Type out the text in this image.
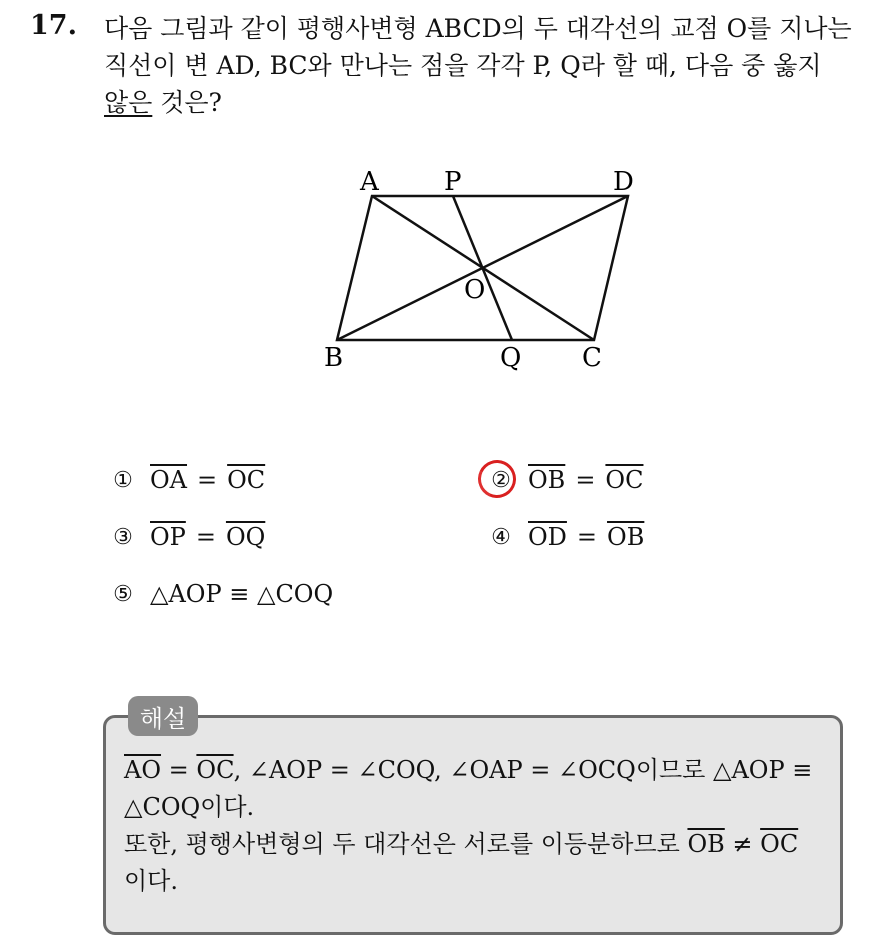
17. 다음 그림과 같이 평행사변형 ABCD의 두 대각선의 교점 O를 지나는
직선이 변 AD, BC와 만나는 점을 각각 P, Q라 할 때, 다음 중 옳지
않은 것은?
A	P	D
O
B	Q C
① $\overline{OA} = \overline{OC}$	② $\overline{OB} = \overline{OC}$
③ $\overline{OP} = \overline{OQ}$	④ $\overline{OD} = \overline{OB}$
⑤ △AOP ≡ △COQ
해설
$\overline{AO} = \overline{OC}$, ∠AOP = ∠COQ, ∠OAP = ∠OCQ이므로 △AOP ≡
△COQ이다.
또한, 평행사변형의 두 대각선은 서로를 이등분하므로 $\overline{OB} \ne \overline{OC}$
이다.
